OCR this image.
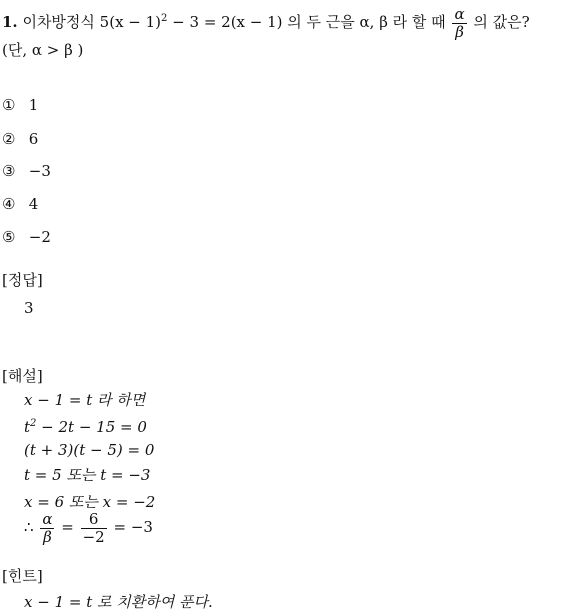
1. 이차방정식 $5(x - 1)^2 - 3 = 2(x - 1)$ 의 두 근을 α, β 라 할 때 $\frac{\alpha}{\beta}$ 의 값은?
(단, α > β )
① 1
② 6
③ −3
④ 4
⑤ −2
[정답]
3
[해설]
x − 1 = t 라 하면
$t^2 - 2t - 15 = 0$
(t + 3)(t − 5) = 0
t = 5 또는 t = −3
x = 6 또는 x = −2
∴ $\frac{\alpha}{\beta} = \frac{6}{-2} = -3$
[힌트]
x − 1 = t 로 치환하여 푼다.
